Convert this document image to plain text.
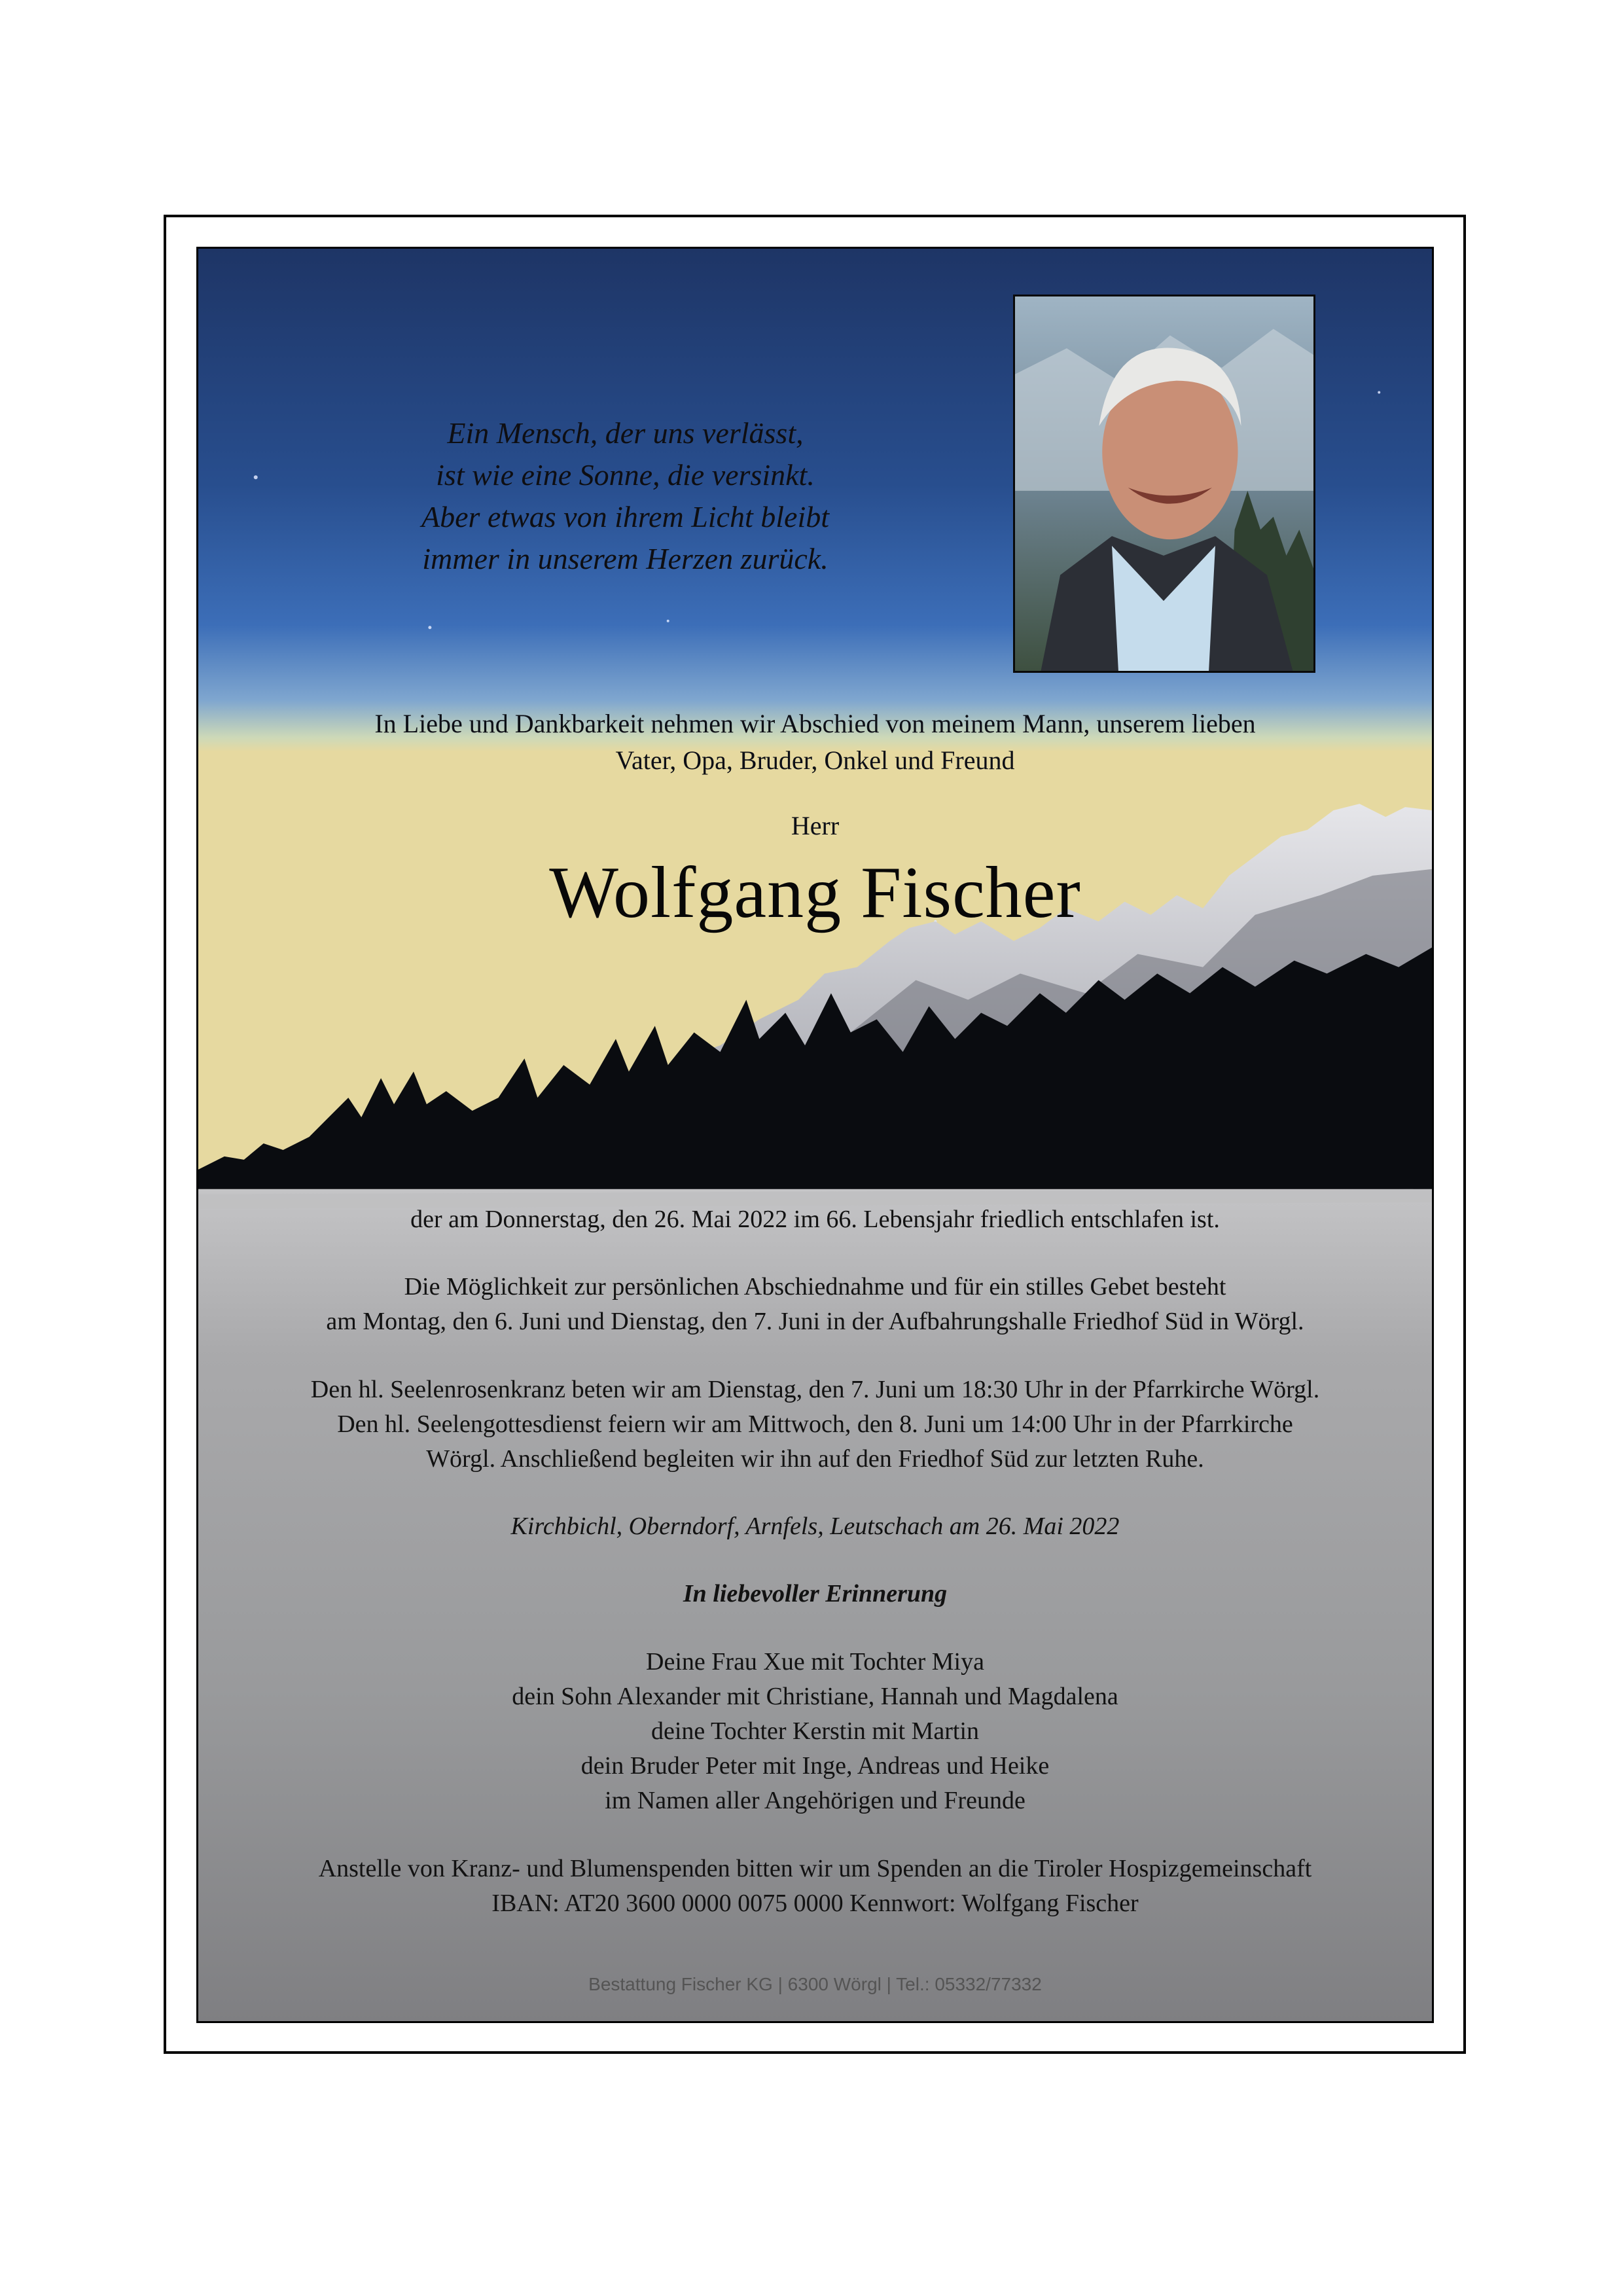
Ein Mensch, der uns verlässt,
ist wie eine Sonne, die versinkt.
Aber etwas von ihrem Licht bleibt
immer in unserem Herzen zurück.
In Liebe und Dankbarkeit nehmen wir Abschied von meinem Mann, unserem lieben
Vater, Opa, Bruder, Onkel und Freund
Herr
Wolfgang Fischer
der am Donnerstag, den 26. Mai 2022 im 66. Lebensjahr friedlich entschlafen ist.
Die Möglichkeit zur persönlichen Abschiednahme und für ein stilles Gebet besteht
am Montag, den 6. Juni und Dienstag, den 7. Juni in der Aufbahrungshalle Friedhof Süd in Wörgl.
Den hl. Seelenrosenkranz beten wir am Dienstag, den 7. Juni um 18:30 Uhr in der Pfarrkirche Wörgl.
Den hl. Seelengottesdienst feiern wir am Mittwoch, den 8. Juni um 14:00 Uhr in der Pfarrkirche
Wörgl. Anschließend begleiten wir ihn auf den Friedhof Süd zur letzten Ruhe.
Kirchbichl, Oberndorf, Arnfels, Leutschach am 26. Mai 2022
In liebevoller Erinnerung
Deine Frau Xue mit Tochter Miya
dein Sohn Alexander mit Christiane, Hannah und Magdalena
deine Tochter Kerstin mit Martin
dein Bruder Peter mit Inge, Andreas und Heike
im Namen aller Angehörigen und Freunde
Anstelle von Kranz- und Blumenspenden bitten wir um Spenden an die Tiroler Hospizgemeinschaft
IBAN: AT20 3600 0000 0075 0000 Kennwort: Wolfgang Fischer
Bestattung Fischer KG | 6300 Wörgl | Tel.: 05332/77332
